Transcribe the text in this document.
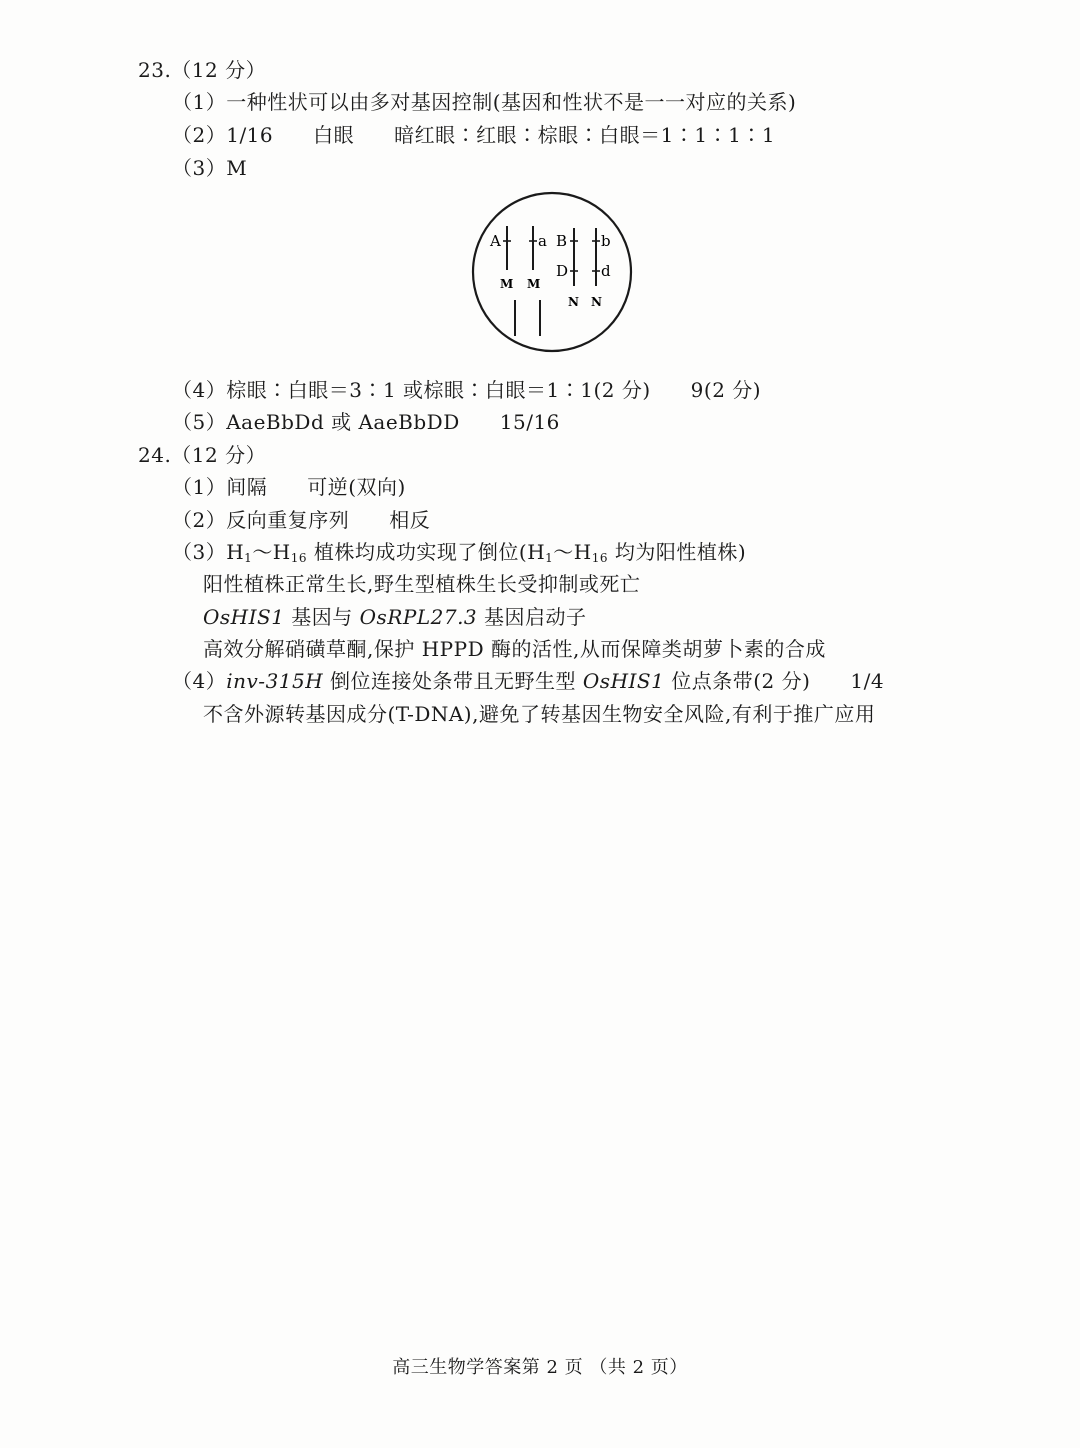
23.（12 分）
（1）一种性状可以由多对基因控制(基因和性状不是一一对应的关系)
（2）1/16 白眼 暗红眼∶红眼∶棕眼∶白眼＝1∶1∶1∶1
（3）M
A a B b
D d
M M
N N
（4）棕眼∶白眼＝3∶1 或棕眼∶白眼＝1∶1(2 分) 9(2 分)
（5）AaeBbDd 或 AaeBbDD 15/16
24.（12 分）
（1）间隔 可逆(双向)
（2）反向重复序列 相反
$(3)H_1\sim H_{16}$ 植株均成功实现了倒位($H_1\sim H_{16}$ 均为阳性植株)
阳性植株正常生长,野生型植株生长受抑制或死亡
OsHIS1 基因与 OsRPL27.3 基因启动子
高效分解硝磺草酮,保护 HPPD 酶的活性,从而保障类胡萝卜素的合成
（4）inv-315H 倒位连接处条带且无野生型 OsHIS1 位点条带(2 分) 1/4
不含外源转基因成分(T-DNA),避免了转基因生物安全风险,有利于推广应用
高三生物学答案第 2 页 （共 2 页）
